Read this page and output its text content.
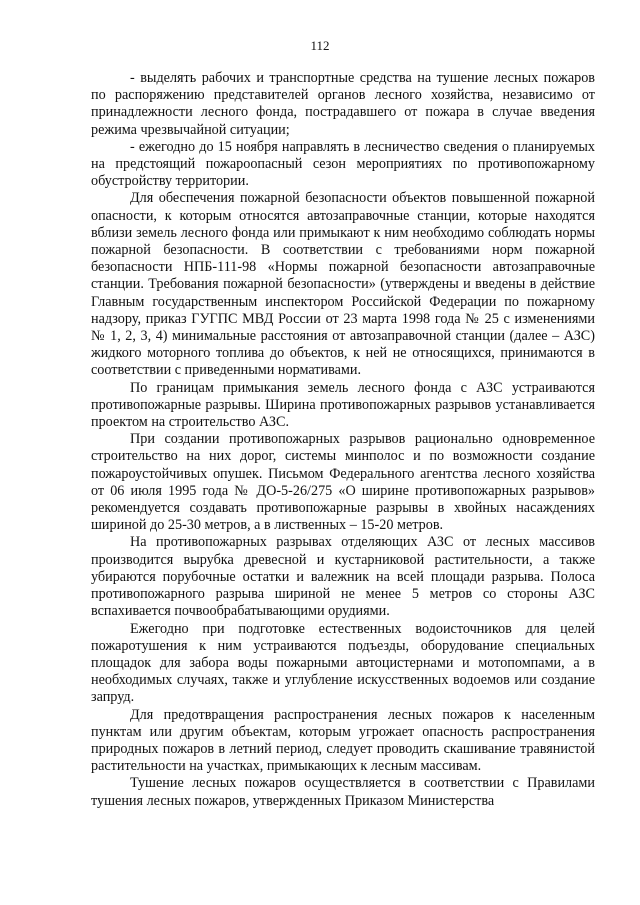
112

- выделять рабочих и транспортные средства на тушение лесных пожаров по распоряжению представителей органов лесного хозяйства, независимо от принадлежности лесного фонда, пострадавшего от пожара в случае введения режима чрезвычайной ситуации;

- ежегодно до 15 ноября направлять в лесничество сведения о планируемых на предстоящий пожароопасный сезон мероприятиях по противопожарному обустройству территории.

Для обеспечения пожарной безопасности объектов повышенной пожарной опасности, к которым относятся автозаправочные станции, которые находятся вблизи земель лесного фонда или примыкают к ним необходимо соблюдать нормы пожарной безопасности. В соответствии с требованиями норм пожарной безопасности НПБ-111-98 «Нормы пожарной безопасности автозаправочные станции. Требования пожарной безопасности» (утверждены и введены в действие Главным государственным инспектором Российской Федерации по пожарному надзору, приказ ГУГПС МВД России от 23 марта 1998 года № 25 с изменениями № 1, 2, 3, 4) минимальные расстояния от автозаправочной станции (далее – АЗС) жидкого моторного топлива до объектов, к ней не относящихся, принимаются в соответствии с приведенными нормативами.

По границам примыкания земель лесного фонда с АЗС устраиваются противопожарные разрывы. Ширина противопожарных разрывов устанавливается проектом на строительство АЗС.

При создании противопожарных разрывов рационально одновременное строительство на них дорог, системы минполос и по возможности создание пожароустойчивых опушек. Письмом Федерального агентства лесного хозяйства от 06 июля 1995 года № ДО-5-26/275 «О ширине противопожарных разрывов» рекомендуется создавать противопожарные разрывы в хвойных насаждениях шириной до 25-30 метров, а в лиственных – 15-20 метров.

На противопожарных разрывах отделяющих АЗС от лесных массивов производится вырубка древесной и кустарниковой растительности, а также убираются порубочные остатки и валежник на всей площади разрыва. Полоса противопожарного разрыва шириной не менее 5 метров со стороны АЗС вспахивается почвообрабатывающими орудиями.

Ежегодно при подготовке естественных водоисточников для целей пожаротушения к ним устраиваются подъезды, оборудование специальных площадок для забора воды пожарными автоцистернами и мотопомпами, а в необходимых случаях, также и углубление искусственных водоемов или создание запруд.

Для предотвращения распространения лесных пожаров к населенным пунктам или другим объектам, которым угрожает опасность распространения природных пожаров в летний период, следует проводить скашивание травянистой растительности на участках, примыкающих к лесным массивам.

Тушение лесных пожаров осуществляется в соответствии с Правилами тушения лесных пожаров, утвержденных Приказом Министерства
